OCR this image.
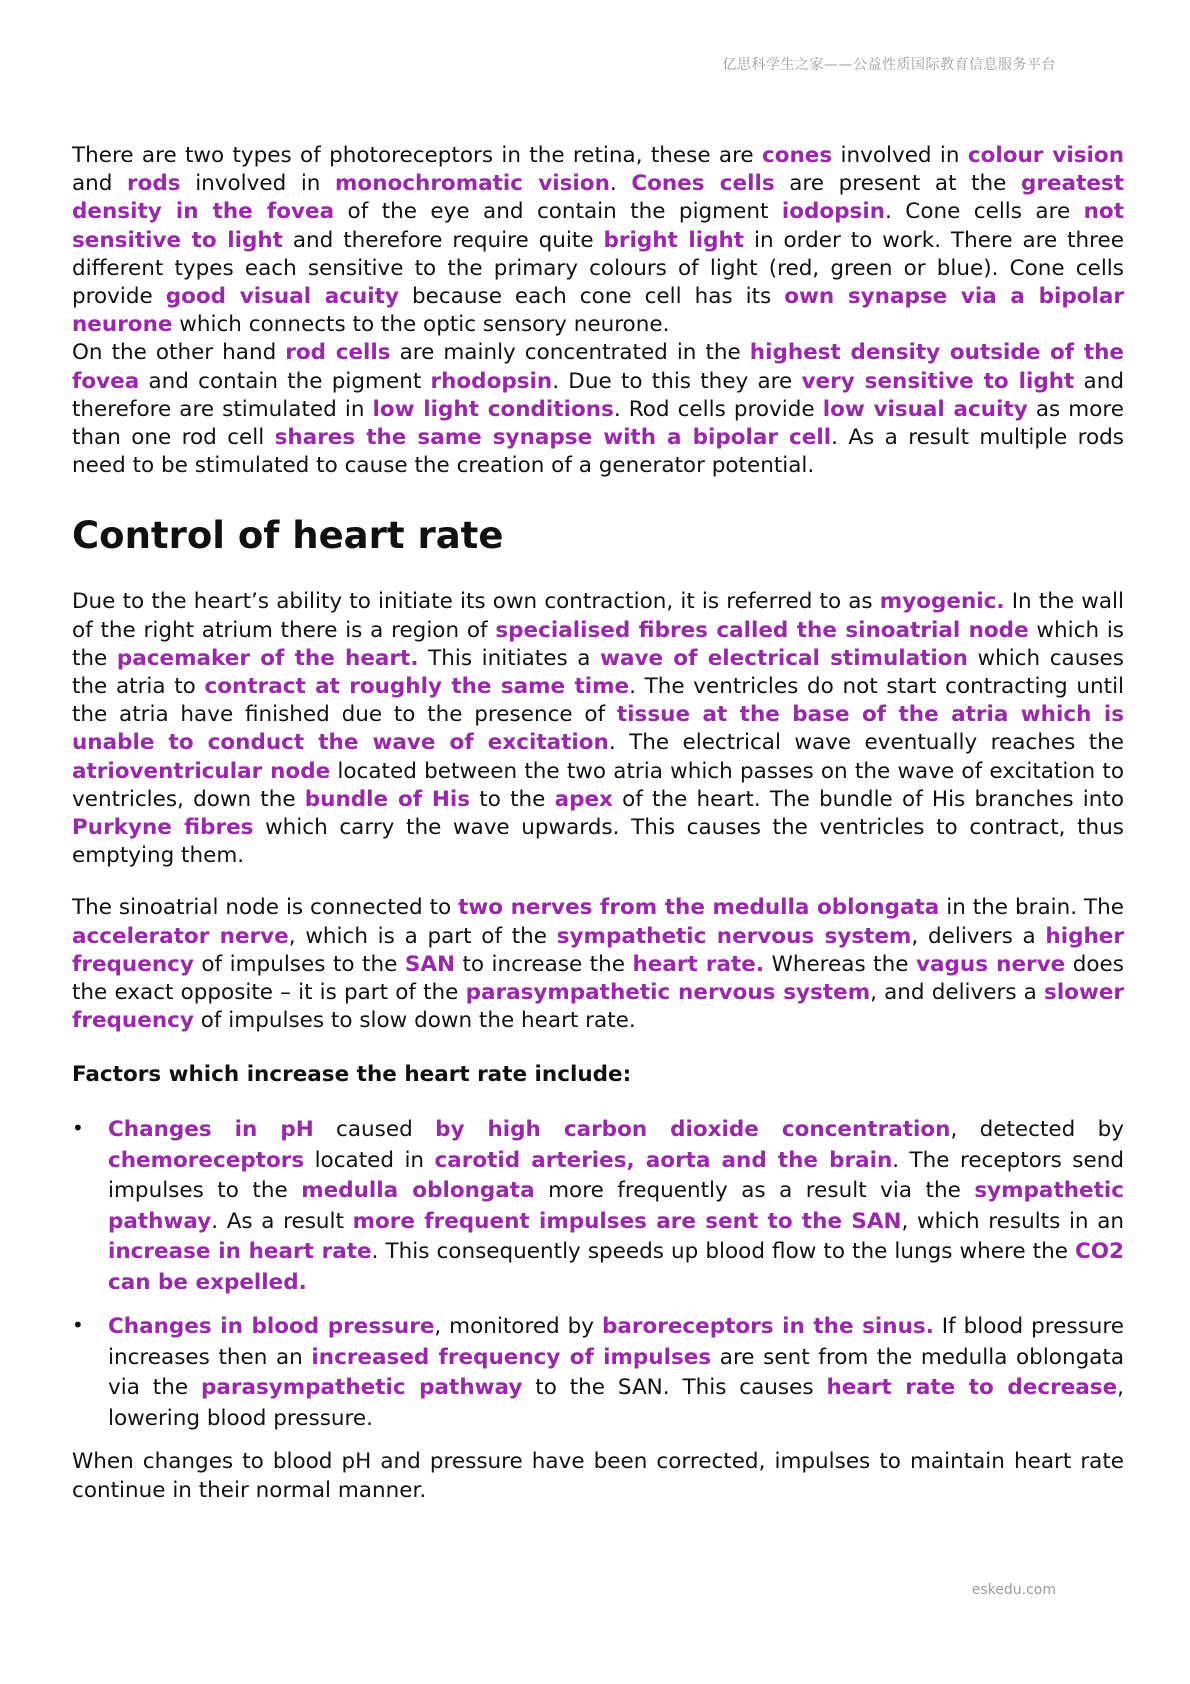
亿思科学生之家——公益性质国际教育信息服务平台

There are two types of photoreceptors in the retina, these are cones involved in colour vision and rods involved in monochromatic vision. Cones cells are present at the greatest density in the fovea of the eye and contain the pigment iodopsin. Cone cells are not sensitive to light and therefore require quite bright light in order to work. There are three different types each sensitive to the primary colours of light (red, green or blue). Cone cells provide good visual acuity because each cone cell has its own synapse via a bipolar neurone which connects to the optic sensory neurone.

On the other hand rod cells are mainly concentrated in the highest density outside of the fovea and contain the pigment rhodopsin. Due to this they are very sensitive to light and therefore are stimulated in low light conditions. Rod cells provide low visual acuity as more than one rod cell shares the same synapse with a bipolar cell. As a result multiple rods need to be stimulated to cause the creation of a generator potential.

Control of heart rate

Due to the heart’s ability to initiate its own contraction, it is referred to as myogenic. In the wall of the right atrium there is a region of specialised fibres called the sinoatrial node which is the pacemaker of the heart. This initiates a wave of electrical stimulation which causes the atria to contract at roughly the same time. The ventricles do not start contracting until the atria have finished due to the presence of tissue at the base of the atria which is unable to conduct the wave of excitation. The electrical wave eventually reaches the atrioventricular node located between the two atria which passes on the wave of excitation to ventricles, down the bundle of His to the apex of the heart. The bundle of His branches into Purkyne fibres which carry the wave upwards. This causes the ventricles to contract, thus emptying them.

The sinoatrial node is connected to two nerves from the medulla oblongata in the brain. The accelerator nerve, which is a part of the sympathetic nervous system, delivers a higher frequency of impulses to the SAN to increase the heart rate. Whereas the vagus nerve does the exact opposite – it is part of the parasympathetic nervous system, and delivers a slower frequency of impulses to slow down the heart rate.

Factors which increase the heart rate include:

• Changes in pH caused by high carbon dioxide concentration, detected by chemoreceptors located in carotid arteries, aorta and the brain. The receptors send impulses to the medulla oblongata more frequently as a result via the sympathetic pathway. As a result more frequent impulses are sent to the SAN, which results in an increase in heart rate. This consequently speeds up blood flow to the lungs where the CO2 can be expelled.
• Changes in blood pressure, monitored by baroreceptors in the sinus. If blood pressure increases then an increased frequency of impulses are sent from the medulla oblongata via the parasympathetic pathway to the SAN. This causes heart rate to decrease, lowering blood pressure.

When changes to blood pH and pressure have been corrected, impulses to maintain heart rate continue in their normal manner.

eskedu.com
